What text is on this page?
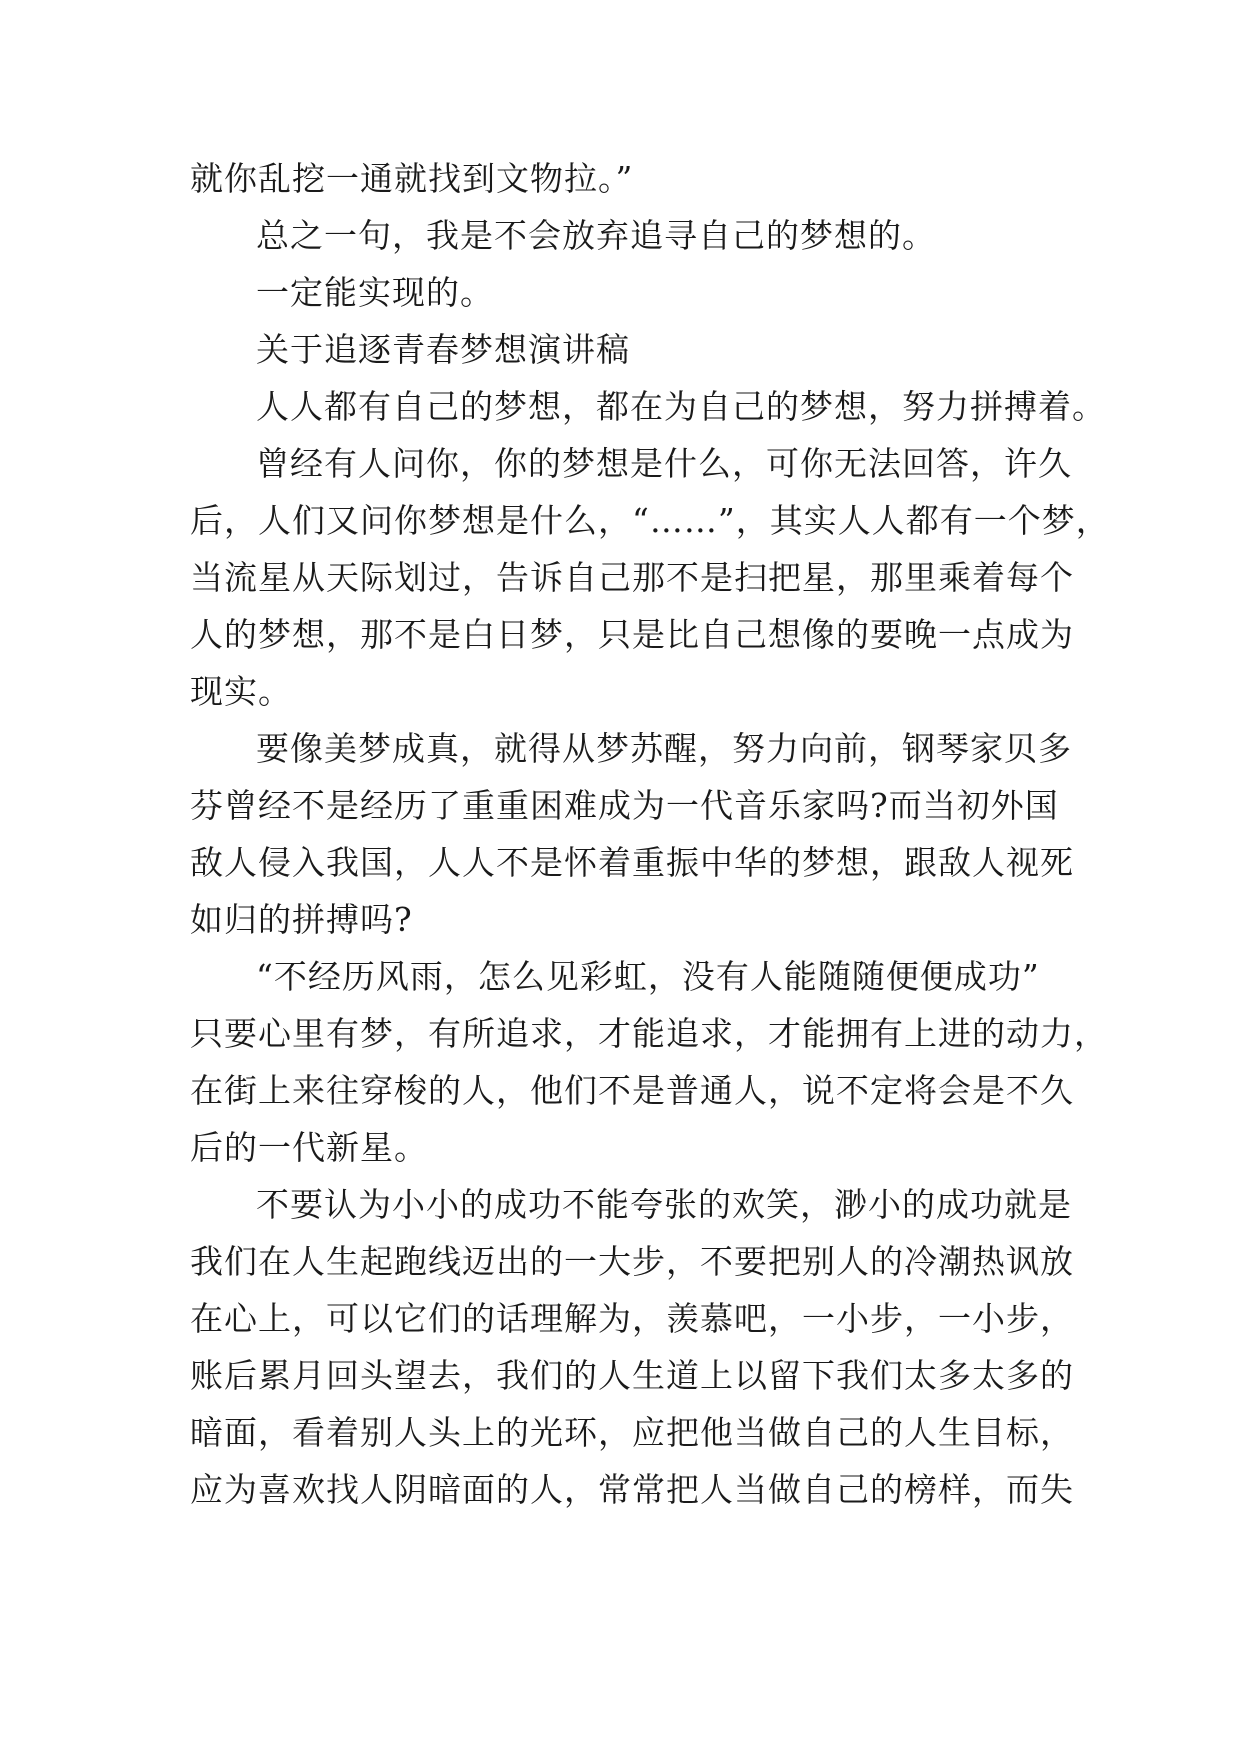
就你乱挖一通就找到文物拉。”

总之一句，我是不会放弃追寻自己的梦想的。

一定能实现的。

关于追逐青春梦想演讲稿

人人都有自己的梦想，都在为自己的梦想，努力拼搏着。

曾经有人问你，你的梦想是什么，可你无法回答，许久
后，人们又问你梦想是什么，“……”，其实人人都有一个梦，
当流星从天际划过，告诉自己那不是扫把星，那里乘着每个
人的梦想，那不是白日梦，只是比自己想像的要晚一点成为
现实。

要像美梦成真，就得从梦苏醒，努力向前，钢琴家贝多
芬曾经不是经历了重重困难成为一代音乐家吗?而当初外国
敌人侵入我国，人人不是怀着重振中华的梦想，跟敌人视死
如归的拼搏吗?

“不经历风雨，怎么见彩虹，没有人能随随便便成功”
只要心里有梦，有所追求，才能追求，才能拥有上进的动力，
在街上来往穿梭的人，他们不是普通人，说不定将会是不久
后的一代新星。

不要认为小小的成功不能夸张的欢笑，渺小的成功就是
我们在人生起跑线迈出的一大步，不要把别人的冷潮热讽放
在心上，可以它们的话理解为，羡慕吧，一小步，一小步，
账后累月回头望去，我们的人生道上以留下我们太多太多的
暗面，看着别人头上的光环，应把他当做自己的人生目标，
应为喜欢找人阴暗面的人，常常把人当做自己的榜样，而失
